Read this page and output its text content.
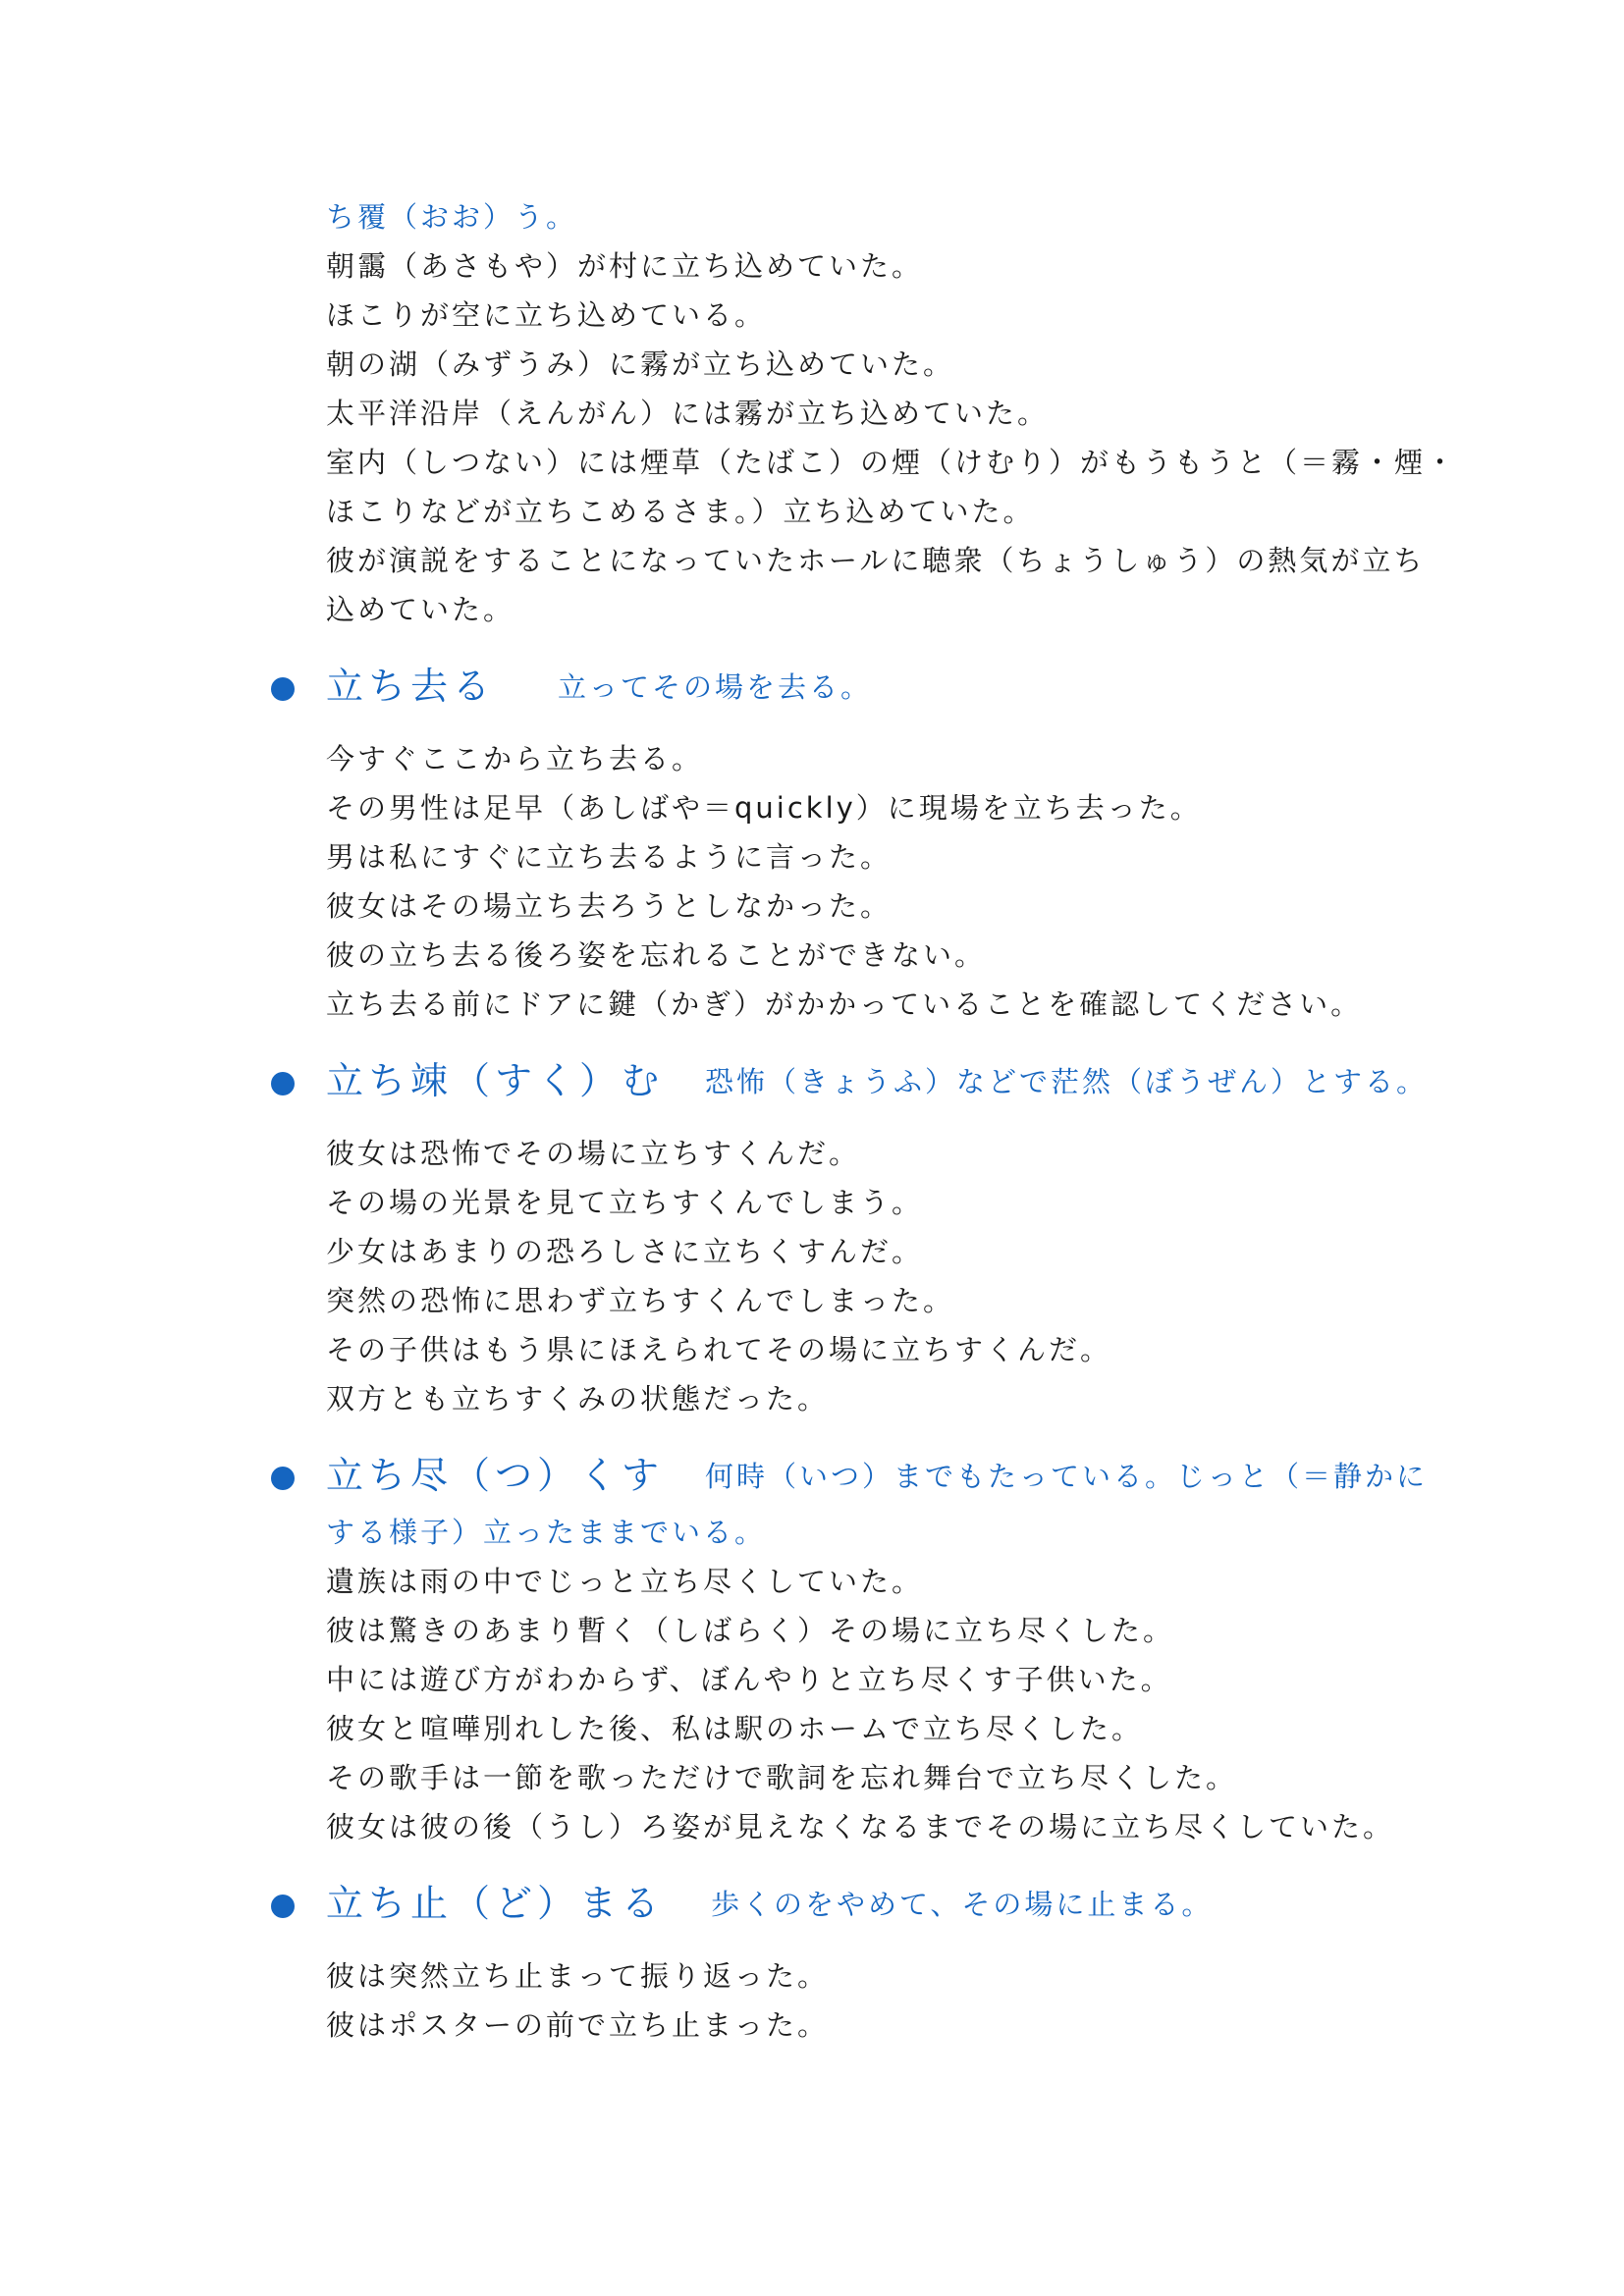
ち覆（おお）う。
朝靄（あさもや）が村に立ち込めていた。
ほこりが空に立ち込めている。
朝の湖（みずうみ）に霧が立ち込めていた。
太平洋沿岸（えんがん）には霧が立ち込めていた。
室内（しつない）には煙草（たばこ）の煙（けむり）がもうもうと（＝霧・煙・
ほこりなどが立ちこめるさま。）立ち込めていた。
彼が演説をすることになっていたホールに聴衆（ちょうしゅう）の熱気が立ち
込めていた。
立ち去る 立ってその場を去る。
今すぐここから立ち去る。
その男性は足早（あしばや＝quickly）に現場を立ち去った。
男は私にすぐに立ち去るように言った。
彼女はその場立ち去ろうとしなかった。
彼の立ち去る後ろ姿を忘れることができない。
立ち去る前にドアに鍵（かぎ）がかかっていることを確認してください。
立ち竦（すく）む 恐怖（きょうふ）などで茫然（ぼうぜん）とする。
彼女は恐怖でその場に立ちすくんだ。
その場の光景を見て立ちすくんでしまう。
少女はあまりの恐ろしさに立ちくすんだ。
突然の恐怖に思わず立ちすくんでしまった。
その子供はもう県にほえられてその場に立ちすくんだ。
双方とも立ちすくみの状態だった。
立ち尽（つ）くす 何時（いつ）までもたっている。じっと（＝静かに
する様子）立ったままでいる。
遺族は雨の中でじっと立ち尽くしていた。
彼は驚きのあまり暫く（しばらく）その場に立ち尽くした。
中には遊び方がわからず、ぼんやりと立ち尽くす子供いた。
彼女と喧嘩別れした後、私は駅のホームで立ち尽くした。
その歌手は一節を歌っただけで歌詞を忘れ舞台で立ち尽くした。
彼女は彼の後（うし）ろ姿が見えなくなるまでその場に立ち尽くしていた。
立ち止（ど）まる 歩くのをやめて、その場に止まる。
彼は突然立ち止まって振り返った。
彼はポスターの前で立ち止まった。
